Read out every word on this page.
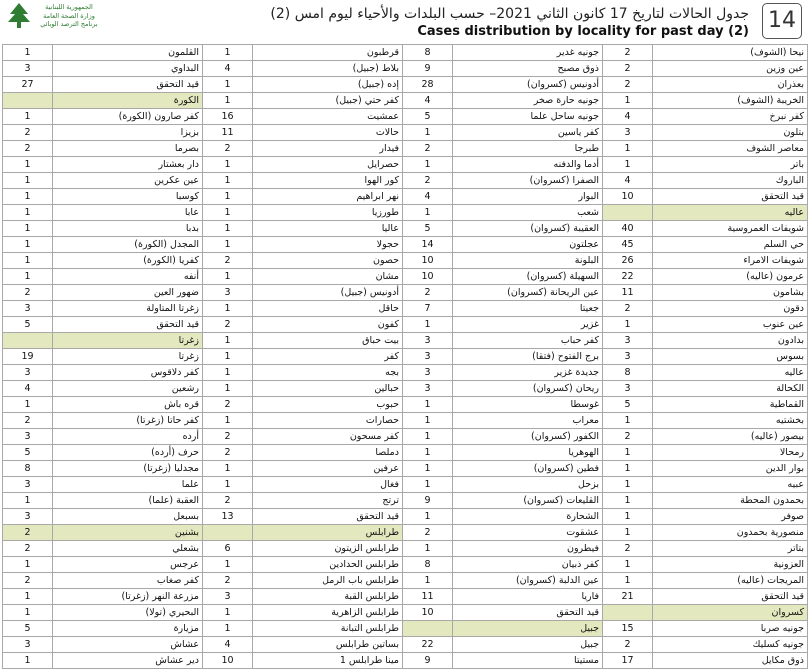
الجمهورية اللبنانية
وزارة الصحة العامة
برنامج الترصد الوبائي
جدول الحالات لتاريخ 17 كانون الثاني 2021– حسب البلدات والأحياء ليوم امس (2)
Cases distribution by locality for past day (2) 14
1	القلمون	1	قرطبون	8	جونيه غدير	2	نيحا (الشوف)
3	البداوي	4	بلاط (جبيل)	9	ذوق مصبح	2	عين وزين
27	قيد التحقق	1	إده (جبيل)	28	أدونيس (كسروان)	2	بعذران
	الكورة	1	كفر حتي (جبيل)	4	جونيه حارة صخر	1	الخريبة (الشوف)
1	كفر صارون (الكورة)	16	عمشيت	5	جونيه ساحل علما	4	كفر نبرخ
2	بزيزا	11	حالات	1	كفر ياسين	3	بتلون
2	بصرما	2	فيدار	2	طبرجا	1	معاصر الشوف
1	دار بعشتار	1	حصرايل	1	أدما والدفنه	1	باتر
1	عين عكرين	1	كور الهوا	2	الصفرا (كسروان)	4	الباروك
1	كوسبا	1	نهر ابراهيم	4	البوار	10	قيد التحقق
1	عابا	1	طورزيا	1	شعب		عاليه
1	بدبا	1	عاليا	5	العقيبة (كسروان)	40	شويفات العمروسية
1	المجدل (الكورة)	1	حجولا	14	عجلتون	45	حي السلم
1	كفريا (الكورة)	2	حصون	10	البلونة	26	شويفات الامراء
1	أنفه	1	مشان	10	السهيلة (كسروان)	22	عرمون (عاليه)
2	ضهور العين	3	أدونيس (جبيل)	2	عين الريحانة (كسروان)	11	بشامون
3	زغرتا المتاولة	1	حاقل	7	جعيتا	2	دقون
5	قيد التحقق	2	كفون	1	غزير	1	عين عنوب
	زغرتا	1	بيت حباق	3	كفر حباب	3	بدادون
19	زغرتا	1	كفر	3	برج الفتوح (فتقا)	3	بسوس
3	كفر دلاقوس	1	بجه	3	جديدة غزير	8	عاليه
4	رشعين	1	حبالين	3	ريحان (كسروان)	3	الكحالة
1	قره باش	2	حبوب	1	غوسطا	5	القماطية
2	كفر حاتا (زغرتا)	1	حصارات	1	معراب	1	بخشتيه
3	أرده	2	كفر مسحون	1	الكفور (كسروان)	2	بيصور (عاليه)
5	حرف (أرده)	2	دملصا	1	الهوهريا	1	رمحالا
8	مجدليا (زغرتا)	1	عرفين	1	فطين (كسروان)	1	بوار الدين
3	علما	1	فغال	1	بزحل	1	عبيه
1	العقبة (علما)	2	ترتج	9	القليعات (كسروان)	1	بحمدون المحطة
3	بسبعل	13	قيد التحقق	1	الشحارة	1	صوفر
2	بشنين		طرابلس	2	عشقوت	1	منصورية بحمدون
2	بشعلي	6	طرابلس الزيتون	1	فيطرون	2	بتاتر
1	عرجس	1	طرابلس الحدادين	8	كفر ذبيان	1	العزونية
2	كفر صغاب	2	طرابلس باب الرمل	1	عين الدلبة (كسروان)	1	المريجات (عاليه)
1	مزرعة النهر (زغرتا)	3	طرابلس القبة	11	فاريا	21	قيد التحقق
1	البحيري (تولا)	1	طرابلس الزاهرية	10	قيد التحقق		كسروان
5	مزيارة	1	طرابلس التبانة		جبيل	15	جونيه صربا
3	عشاش	4	بساتين طرابلس	22	جبيل	2	جونيه كسليك
1	دير عشاش	10	مينا طرابلس 1	9	مستيتا	17	ذوق مكايل
